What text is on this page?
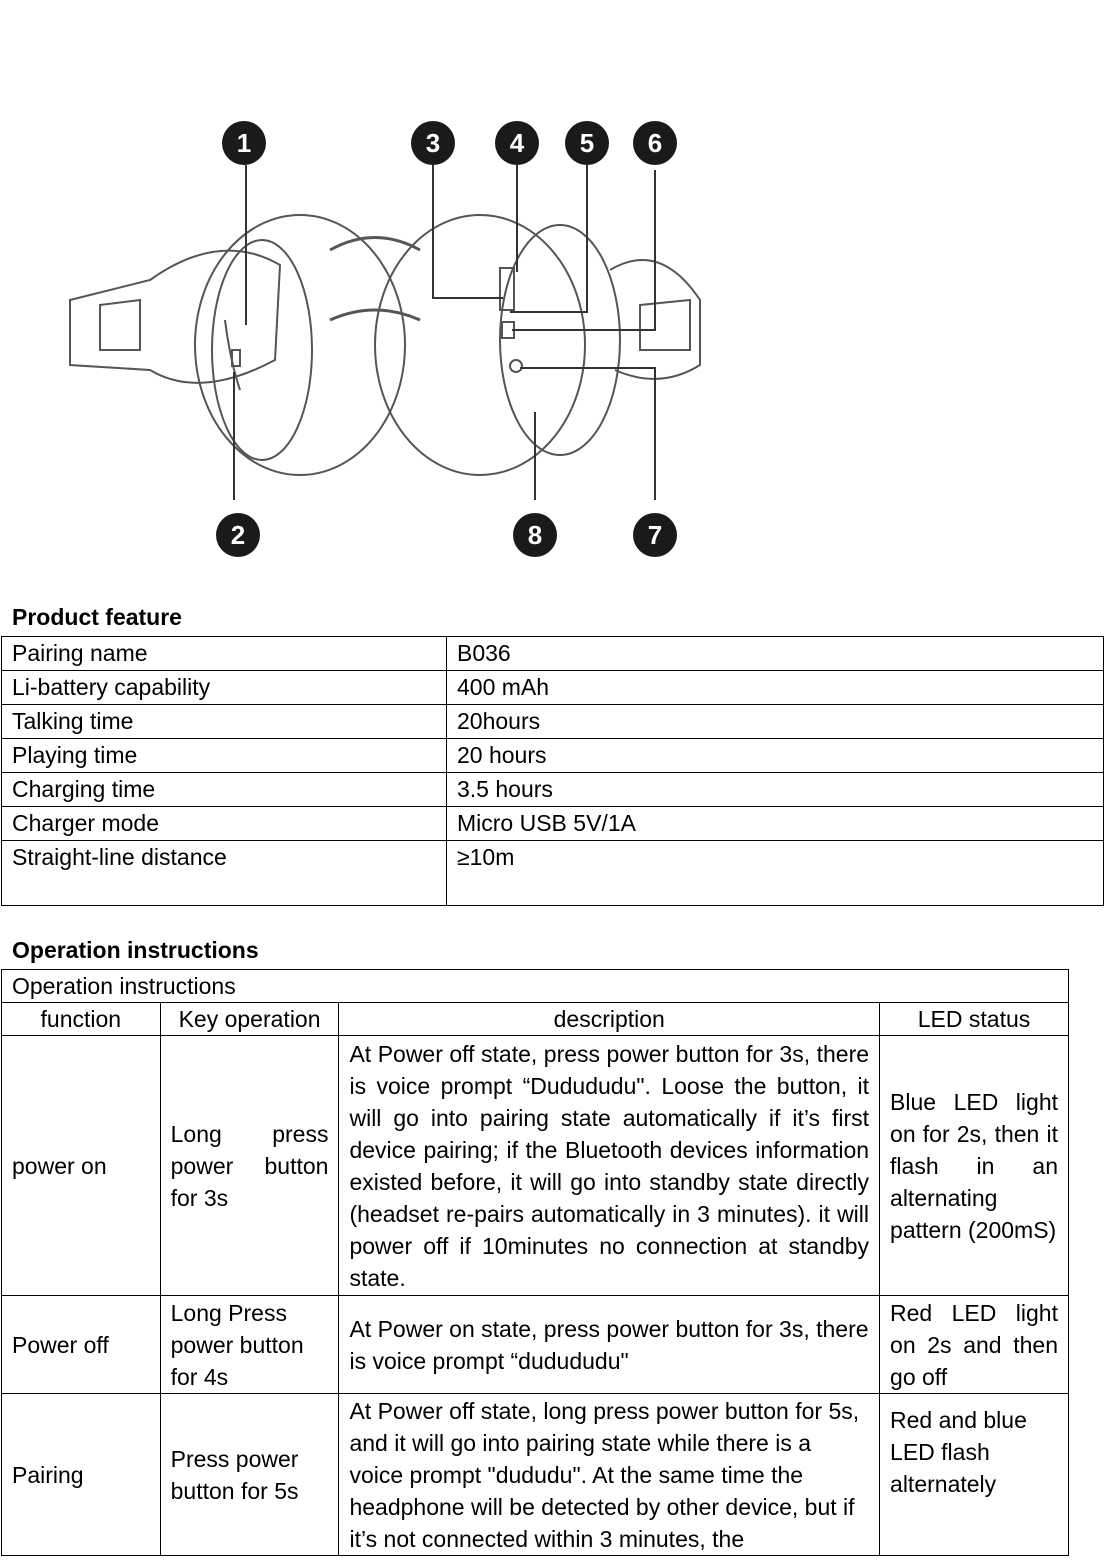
1
2
3	4 5 6
7
8
Product feature
Pairing name	B036
Li-battery capability	400 mAh
Talking time	20hours
Playing time	20 hours
Charging time	3.5 hours
Charger mode	Micro USB 5V/1A
Straight-line distance	≥10m
Operation instructions
Operation instructions			
function	Key operation	description	LED status
power on	Long press power button for 3s	At Power off state, press power button for 3s, there is voice prompt “Dudududu". Loose the button, it will go into pairing state automatically if it’s first device pairing; if the Bluetooth devices information existed before, it will go into standby state directly (headset re-pairs automatically in 3 minutes). it will power off if 10minutes no connection at standby state.	Blue LED light on for 2s, then it flash in an alternating pattern (200mS)
Power off	Long Press power button for 4s	At Power on state, press power button for 3s, there is voice prompt “dudududu"	Red LED light on 2s and then go off
Pairing	Press power button for 5s	At Power off state, long press power button for 5s, and it will go into pairing state while there is a voice prompt "dududu". At the same time the headphone will be detected by other device, but if it’s not connected within 3 minutes, the	Red and blue LED flash alternately
